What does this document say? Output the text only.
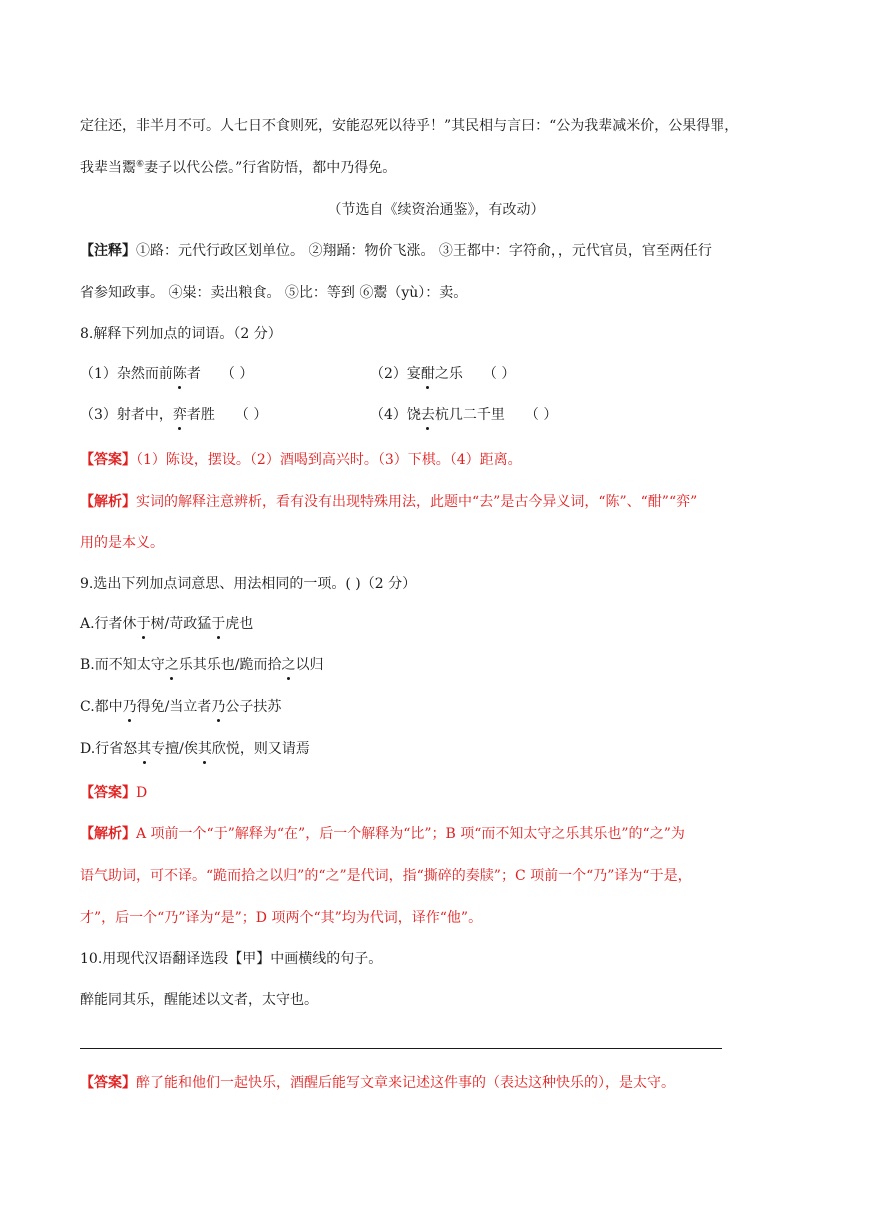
定往还，非半月不可。人七日不食则死，安能忍死以待乎！”其民相与言曰：“公为我辈减米价，公果得罪，
我辈当鬻⑥妻子以代公偿。”行省防悟，都中乃得免。
（节选自《续资治通鉴》，有改动）
【注释】①路：元代行政区划单位。 ②翔踊：物价飞涨。 ③王都中：字符俞，，元代官员，官至两任行
省参知政事。 ④粜：卖出粮食。 ⑤比：等到 ⑥鬻（yù）：卖。
8.解释下列加点的词语。（2 分）
（1）杂然而前陈者 （ ）	（2）宴酣之乐 （ ）
（3）射者中，弈者胜 （ ）	（4）饶去杭几二千里 （ ）
【答案】（1）陈设，摆设。（2）酒喝到高兴时。（3）下棋。（4）距离。
【解析】实词的解释注意辨析，看有没有出现特殊用法，此题中“去”是古今异义词，“陈”、“酣”“弈”
用的是本义。
9.选出下列加点词意思、用法相同的一项。( )（2 分）
A.行者休于树/苛政猛于虎也
B.而不知太守之乐其乐也/跪而拾之以归
C.都中乃得免/当立者乃公子扶苏
D.行省怒其专擅/俟其欣悦，则又请焉
【答案】D
【解析】A 项前一个“于”解释为“在”，后一个解释为“比”；B 项“而不知太守之乐其乐也”的“之”为
语气助词，可不译。“跪而拾之以归”的“之”是代词，指“撕碎的奏牍”；C 项前一个“乃”译为“于是，
才”，后一个“乃”译为“是”；D 项两个“其”均为代词，译作“他”。
10.用现代汉语翻译选段【甲】中画横线的句子。
醉能同其乐，醒能述以文者，太守也。
【答案】醉了能和他们一起快乐，酒醒后能写文章来记述这件事的（表达这种快乐的），是太守。
